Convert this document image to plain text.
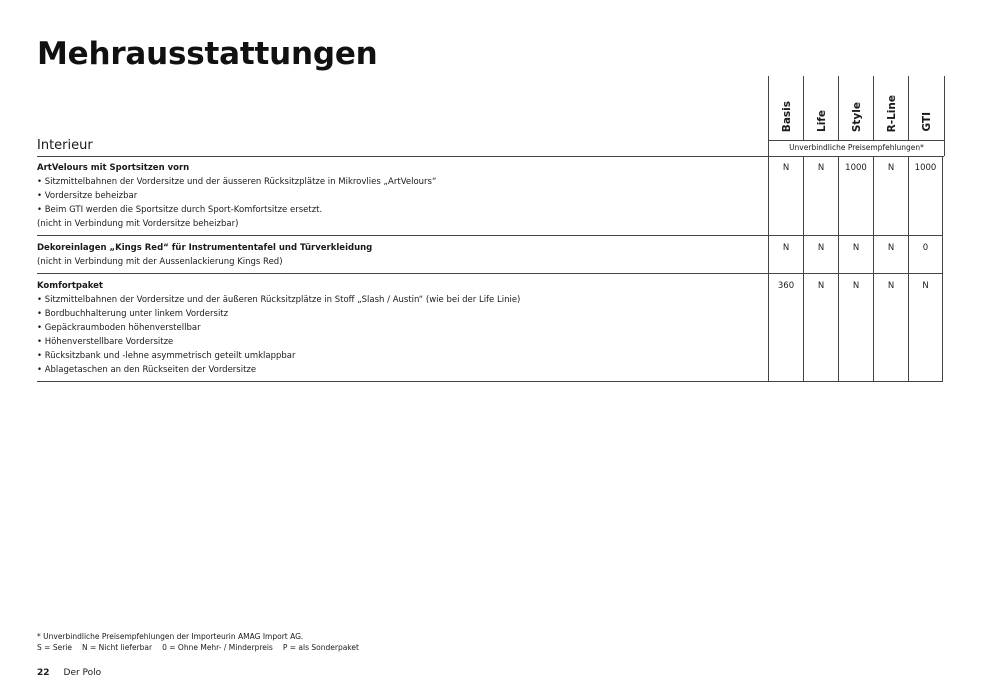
Mehrausstattungen
Basis Life Style R-Line GTI
Interieur	Unverbindliche Preisempfehlungen*
ArtVelours mit Sportsitzen vorn
• Sitzmittelbahnen der Vordersitze und der äusseren Rücksitzplätze in Mikrovlies „ArtVelours“
• Vordersitze beheizbar
• Beim GTI werden die Sportsitze durch Sport-Komfortsitze ersetzt.
(nicht in Verbindung mit Vordersitze beheizbar)
N	N	1000	N	1000
Dekoreinlagen „Kings Red“ für Instrumententafel und Türverkleidung
(nicht in Verbindung mit der Aussenlackierung Kings Red)
N	N	N	N	0
Komfortpaket
• Sitzmittelbahnen der Vordersitze und der äußeren Rücksitzplätze in Stoff „Slash / Austin“ (wie bei der Life Linie)
• Bordbuchhalterung unter linkem Vordersitz
• Gepäckraumboden höhenverstellbar
• Höhenverstellbare Vordersitze
• Rücksitzbank und -lehne asymmetrisch geteilt umklappbar
• Ablagetaschen an den Rückseiten der Vordersitze
360	N	N	N	N
* Unverbindliche Preisempfehlungen der Importeurin AMAG Import AG.
S = Serie N = Nicht lieferbar 0 = Ohne Mehr- / Minderpreis P = als Sonderpaket
22 Der Polo
